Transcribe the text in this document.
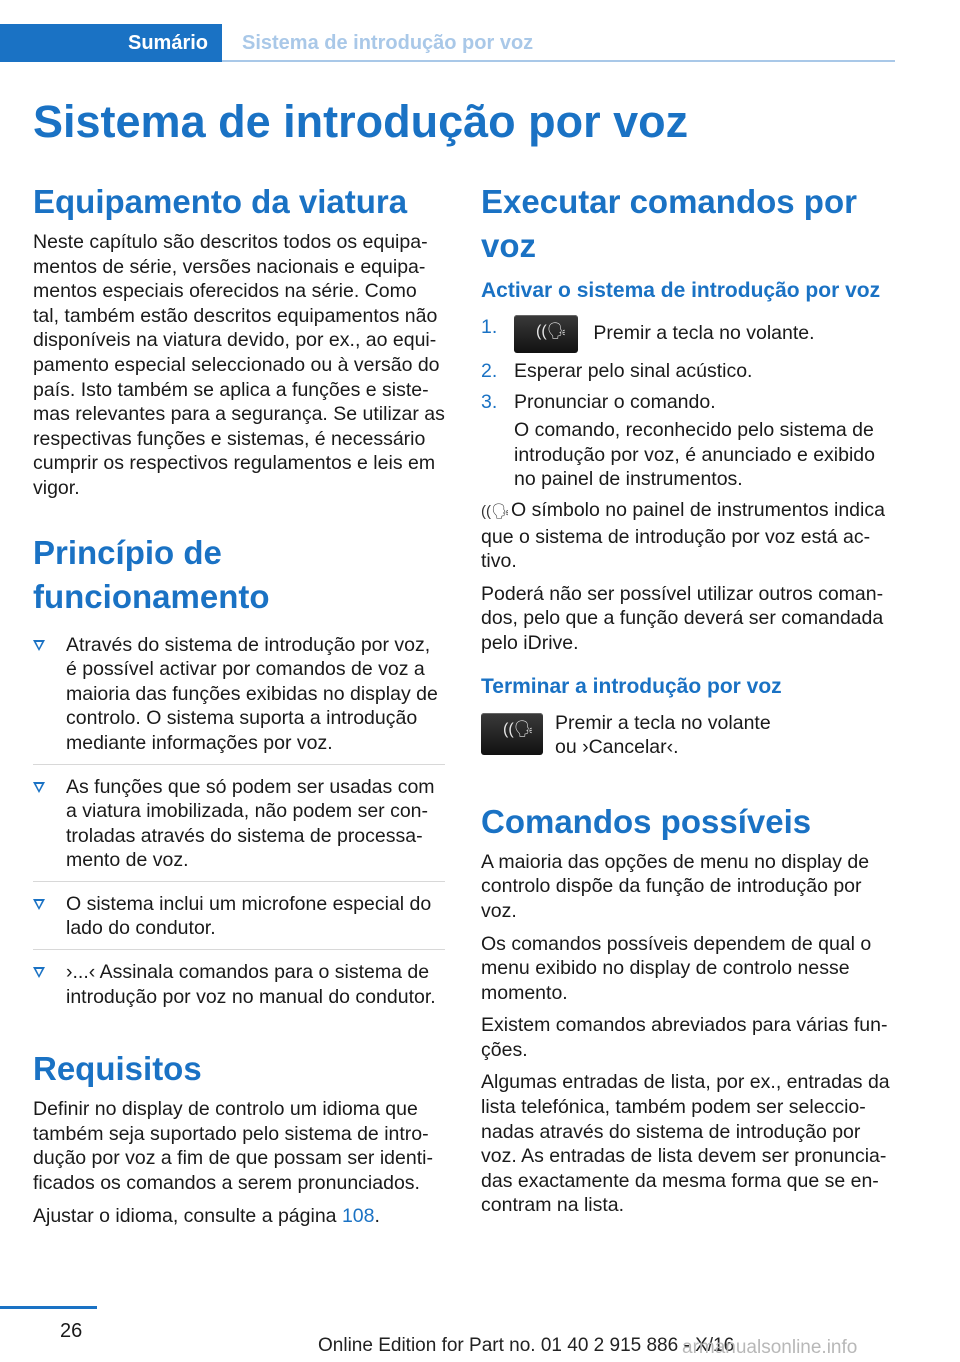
Sumário	Sistema de introdução por voz
Sistema de introdução por voz
Equipamento da viatura

Neste capítulo são descritos todos os equipamentos de série, versões nacionais e equipamentos especiais oferecidos na série. Como tal, também estão descritos equipamentos não disponíveis na viatura devido, por ex., ao equipamento especial seleccionado ou à versão do país. Isto também se aplica a funções e sistemas relevantes para a segurança. Se utilizar as respectivas funções e sistemas, é necessário cumprir os respectivos regulamentos e leis em vigor.

Princípio de funcionamento
Através do sistema de introdução por voz, é possível activar por comandos de voz a maioria das funções exibidas no display de controlo. O sistema suporta a introdução mediante informações por voz.
As funções que só podem ser usadas com a viatura imobilizada, não podem ser controladas através do sistema de processamento de voz.
O sistema inclui um microfone especial do lado do condutor.
›...‹ Assinala comandos para o sistema de introdução por voz no manual do condutor.
Requisitos

Definir no display de controlo um idioma que também seja suportado pelo sistema de introdução por voz a fim de que possam ser identificados os comandos a serem pronunciados.

Ajustar o idioma, consulte a página 108.

Executar comandos por voz
Activar o sistema de introdução por voz
1. ((🗣 Premir a tecla no volante.
2. Esperar pelo sinal acústico.
3. Pronunciar o comando.
O comando, reconhecido pelo sistema de introdução por voz, é anunciado e exibido no painel de instrumentos.

((🗣O símbolo no painel de instrumentos indica que o sistema de introdução por voz está activo.

Poderá não ser possível utilizar outros comandos, pelo que a função deverá ser comandada pelo iDrive.

Terminar a introdução por voz
((🗣 Premir a tecla no volante
ou ›Cancelar‹.
Comandos possíveis

A maioria das opções de menu no display de controlo dispõe da função de introdução por voz.

Os comandos possíveis dependem de qual o menu exibido no display de controlo nesse momento.

Existem comandos abreviados para várias funções.

Algumas entradas de lista, por ex., entradas da lista telefónica, também podem ser seleccionadas através do sistema de introdução por voz. As entradas de lista devem ser pronunciadas exactamente da mesma forma que se encontram na lista.

26
Online Edition for Part no. 01 40 2 915 886 - X/16
armanualsonline.info
